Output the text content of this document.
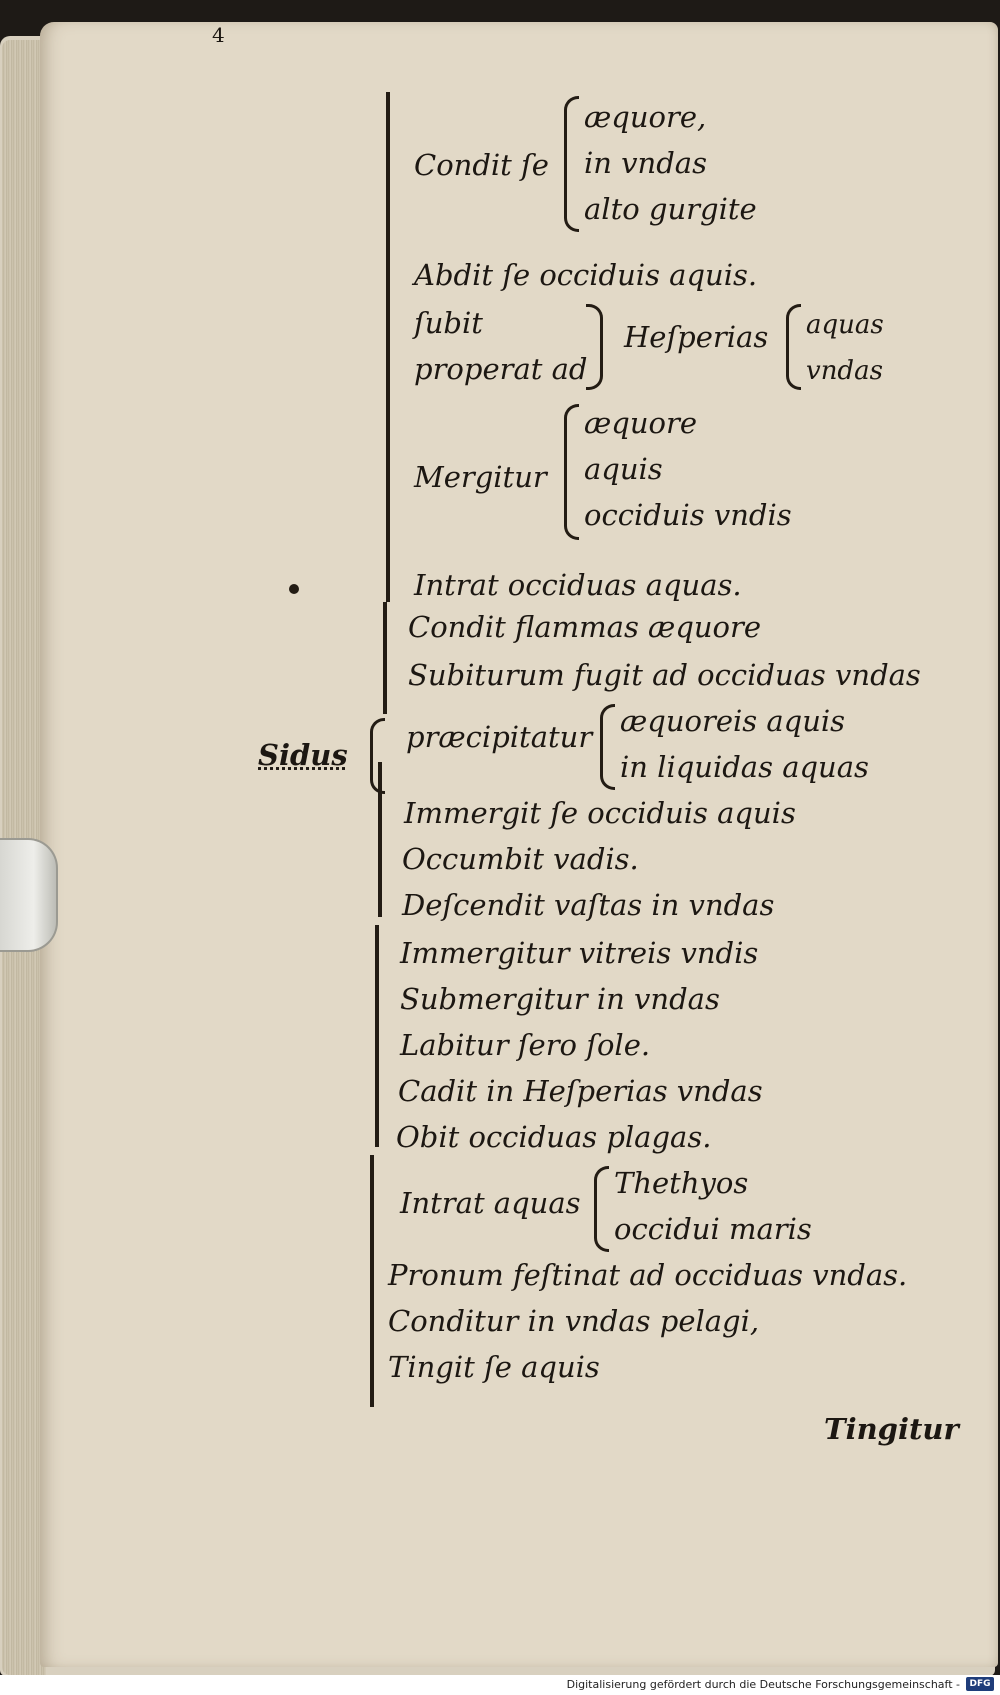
4
Condit ſe
æquore,
in vndas
alto gurgite
Abdit ſe occiduis aquis.
ſubit
properat ad
Heſperias aquas
vndas
Mergitur
æquore
aquis
occiduis vndis
Intrat occiduas aquas.
Condit flammas æquore
Subiturum fugit ad occiduas vndas
Sidus
præcipitatur æquoreis aquis
in liquidas aquas
Immergit ſe occiduis aquis
Occumbit vadis.
Deſcendit vaſtas in vndas
Immergitur vitreis vndis
Submergitur in vndas
Labitur ſero ſole.
Cadit in Heſperias vndas
Obit occiduas plagas.
Intrat aquas
Thethyos
occidui maris
Pronum feſtinat ad occiduas vndas.
Conditur in vndas pelagi,
Tingit ſe aquis
Tingitur
Digitalisierung gefördert durch die Deutsche Forschungsgemeinschaft -	DFG
